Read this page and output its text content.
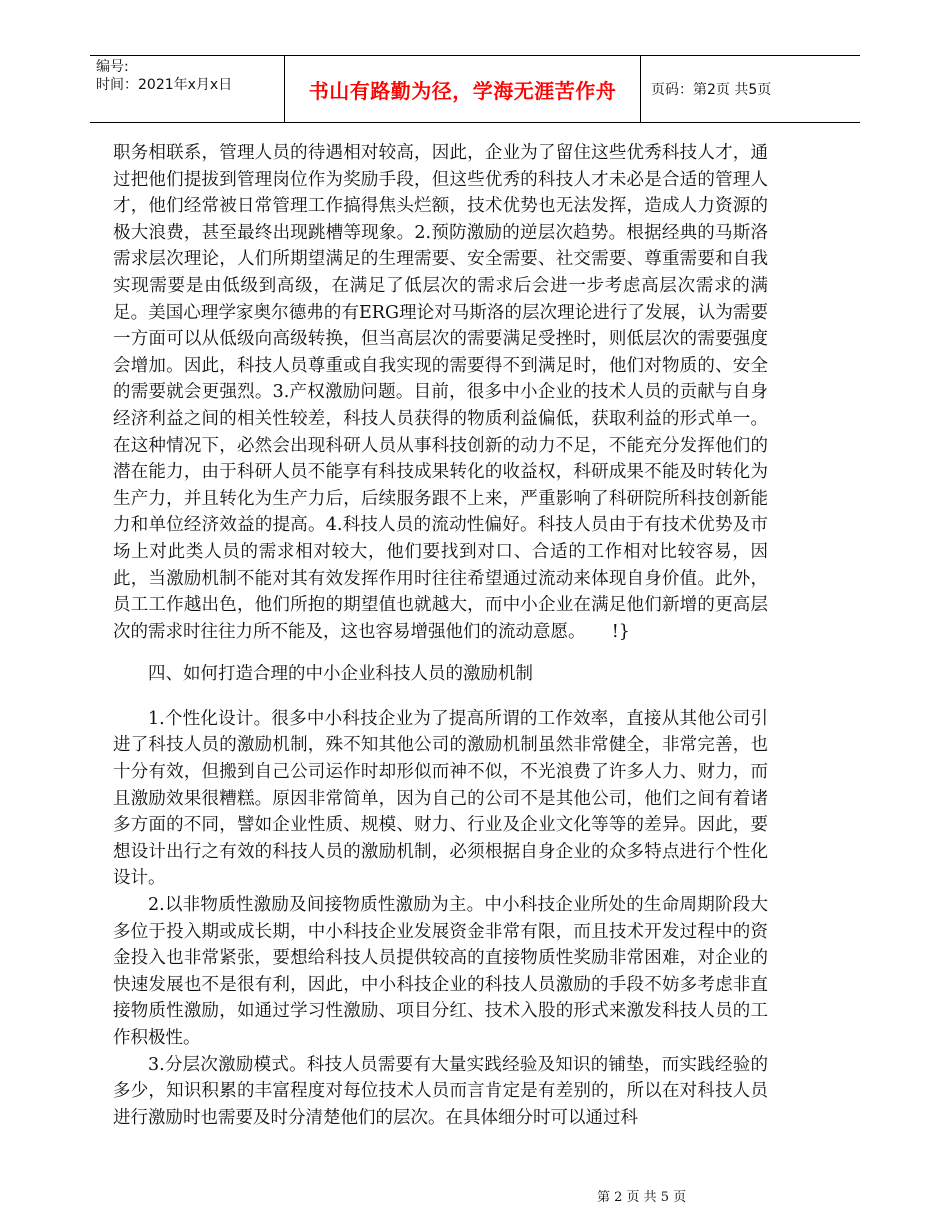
编号:
时间：2021年x月x日	书山有路勤为径，学海无涯苦作舟	页码：第2页 共5页

职务相联系，管理人员的待遇相对较高，因此，企业为了留住这些优秀科技人才，通过把他们提拔到管理岗位作为奖励手段，但这些优秀的科技人才未必是合适的管理人才，他们经常被日常管理工作搞得焦头烂额，技术优势也无法发挥，造成人力资源的极大浪费，甚至最终出现跳槽等现象。2.预防激励的逆层次趋势。根据经典的马斯洛需求层次理论，人们所期望满足的生理需要、安全需要、社交需要、尊重需要和自我实现需要是由低级到高级，在满足了低层次的需求后会进一步考虑高层次需求的满足。美国心理学家奥尔德弗的有ERG理论对马斯洛的层次理论进行了发展，认为需要一方面可以从低级向高级转换，但当高层次的需要满足受挫时，则低层次的需要强度会增加。因此，科技人员尊重或自我实现的需要得不到满足时，他们对物质的、安全的需要就会更强烈。3.产权激励问题。目前，很多中小企业的技术人员的贡献与自身经济利益之间的相关性较差，科技人员获得的物质利益偏低，获取利益的形式单一。在这种情况下，必然会出现科研人员从事科技创新的动力不足，不能充分发挥他们的潜在能力，由于科研人员不能享有科技成果转化的收益权，科研成果不能及时转化为生产力，并且转化为生产力后，后续服务跟不上来，严重影响了科研院所科技创新能力和单位经济效益的提高。4.科技人员的流动性偏好。科技人员由于有技术优势及市场上对此类人员的需求相对较大，他们要找到对口、合适的工作相对比较容易，因此，当激励机制不能对其有效发挥作用时往往希望通过流动来体现自身价值。此外，员工工作越出色，他们所抱的期望值也就越大，而中小企业在满足他们新增的更高层次的需求时往往力所不能及，这也容易增强他们的流动意愿。　　!}

四、如何打造合理的中小企业科技人员的激励机制

1.个性化设计。很多中小科技企业为了提高所谓的工作效率，直接从其他公司引进了科技人员的激励机制，殊不知其他公司的激励机制虽然非常健全，非常完善，也十分有效，但搬到自己公司运作时却形似而神不似，不光浪费了许多人力、财力，而且激励效果很糟糕。原因非常简单，因为自己的公司不是其他公司，他们之间有着诸多方面的不同，譬如企业性质、规模、财力、行业及企业文化等等的差异。因此，要想设计出行之有效的科技人员的激励机制，必须根据自身企业的众多特点进行个性化设计。

2.以非物质性激励及间接物质性激励为主。中小科技企业所处的生命周期阶段大多位于投入期或成长期，中小科技企业发展资金非常有限，而且技术开发过程中的资金投入也非常紧张，要想给科技人员提供较高的直接物质性奖励非常困难，对企业的快速发展也不是很有利，因此，中小科技企业的科技人员激励的手段不妨多考虑非直接物质性激励，如通过学习性激励、项目分红、技术入股的形式来激发科技人员的工作积极性。

3.分层次激励模式。科技人员需要有大量实践经验及知识的铺垫，而实践经验的多少，知识积累的丰富程度对每位技术人员而言肯定是有差别的，所以在对科技人员进行激励时也需要及时分清楚他们的层次。在具体细分时可以通过科

第 2 页 共 5 页
